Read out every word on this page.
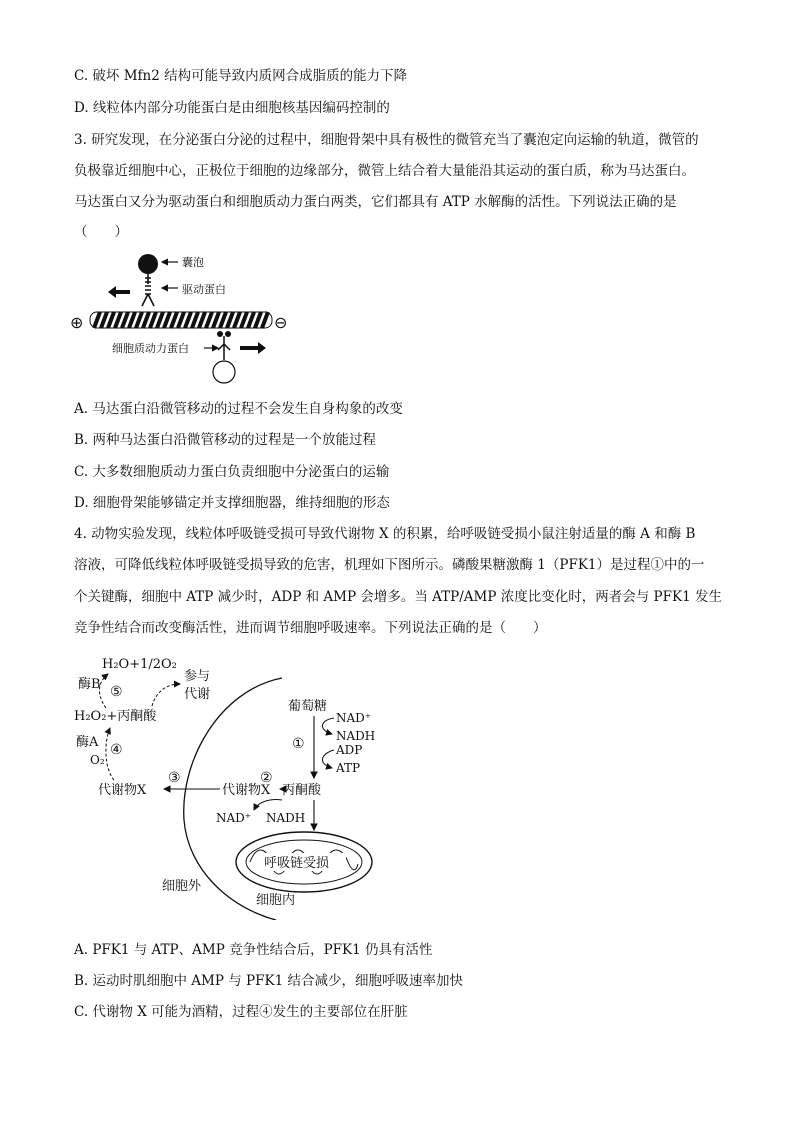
C. 破坏 Mfn2 结构可能导致内质网合成脂质的能力下降
D. 线粒体内部分功能蛋白是由细胞核基因编码控制的
3. 研究发现，在分泌蛋白分泌的过程中，细胞骨架中具有极性的微管充当了囊泡定向运输的轨道，微管的
负极靠近细胞中心，正极位于细胞的边缘部分，微管上结合着大量能沿其运动的蛋白质，称为马达蛋白。
马达蛋白又分为驱动蛋白和细胞质动力蛋白两类，它们都具有 ATP 水解酶的活性。下列说法正确的是
（　　）
囊泡
驱动蛋白
⊕	⊖
细胞质动力蛋白
A. 马达蛋白沿微管移动的过程不会发生自身构象的改变
B. 两种马达蛋白沿微管移动的过程是一个放能过程
C. 大多数细胞质动力蛋白负责细胞中分泌蛋白的运输
D. 细胞骨架能够锚定并支撑细胞器，维持细胞的形态
4. 动物实验发现，线粒体呼吸链受损可导致代谢物 X 的积累，给呼吸链受损小鼠注射适量的酶 A 和酶 B
溶液，可降低线粒体呼吸链受损导致的危害，机理如下图所示。磷酸果糖激酶 1（PFK1）是过程①中的一
个关键酶，细胞中 ATP 减少时，ADP 和 AMP 会增多。当 ATP/AMP 浓度比变化时，两者会与 PFK1 发生
竞争性结合而改变酶活性，进而调节细胞呼吸速率。下列说法正确的是（　　）
H₂O+1/2O₂
酶B ⑤
参与
代谢
H₂O₂+丙酮酸
酶A ④
O₂
代谢物X
③
代谢物X
②
丙酮酸
NAD⁺ NADH
葡萄糖
①
NAD⁺
NADH
ADP
ATP
呼吸链受损
细胞外
细胞内
A. PFK1 与 ATP、AMP 竞争性结合后，PFK1 仍具有活性
B. 运动时肌细胞中 AMP 与 PFK1 结合减少，细胞呼吸速率加快
C. 代谢物 X 可能为酒精，过程④发生的主要部位在肝脏
